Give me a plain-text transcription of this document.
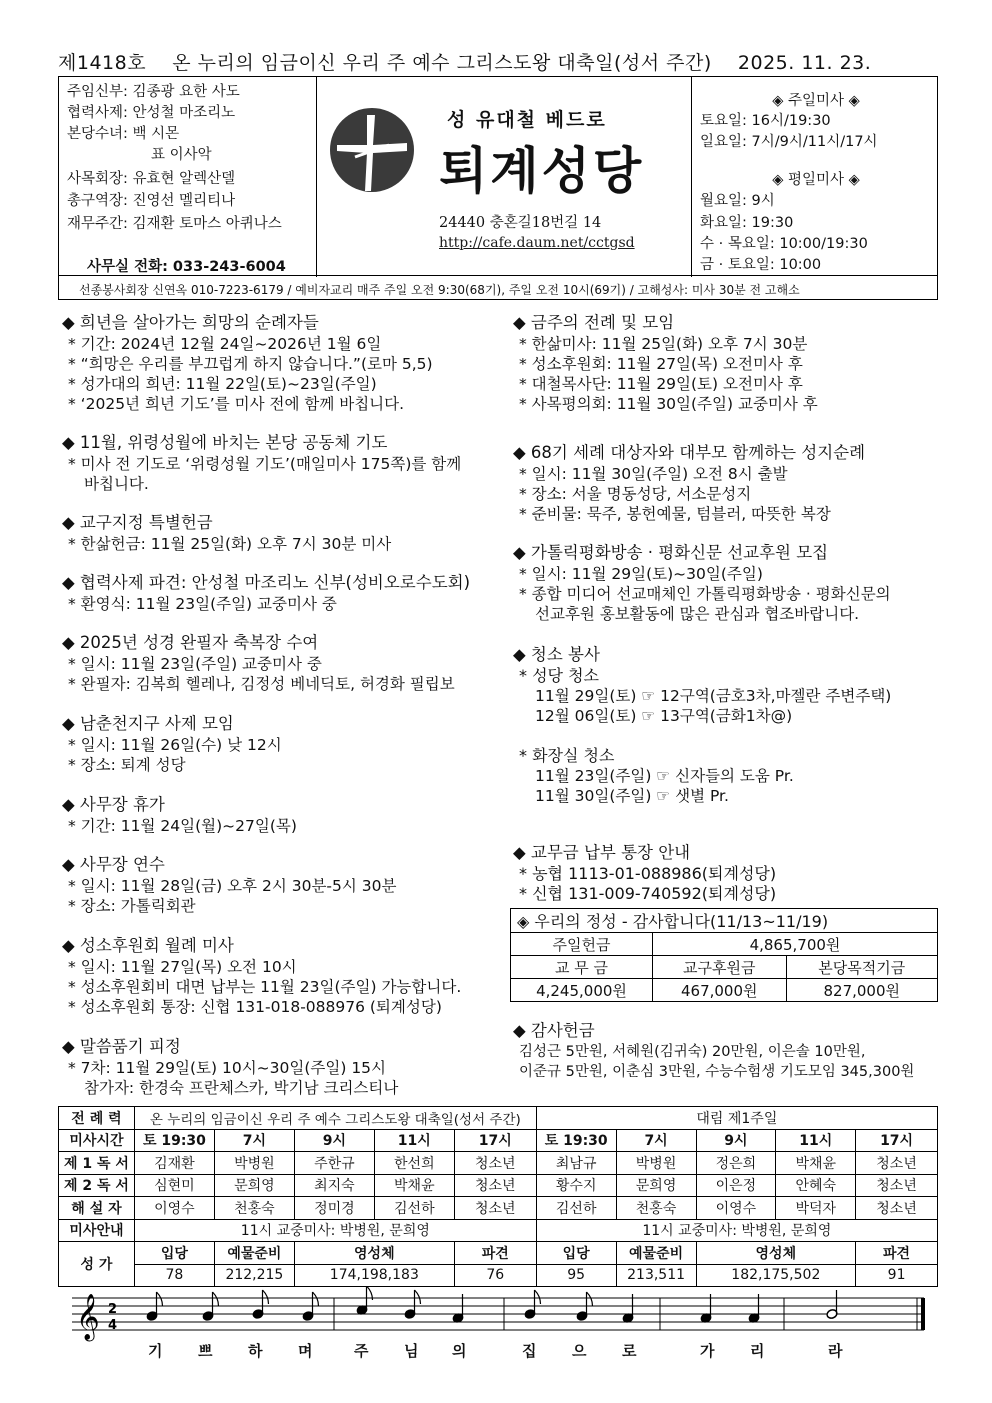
제1418호 온 누리의 임금이신 우리 주 예수 그리스도왕 대축일(성서 주간) 2025. 11. 23.
주임신부: 김종광 요한 사도
협력사제: 안성철 마조리노
본당수녀: 백 시몬
표 이사악
사목회장: 유효현 알렉산델
총구역장: 진영선 멜리티나
재무주간: 김재환 토마스 아퀴나스
사무실 전화: 033-243-6004
성 유대철 베드로
퇴계성당
24440 충혼길18번길 14
http://cafe.daum.net/cctgsd
◈ 주일미사 ◈
토요일: 16시/19:30
일요일: 7시/9시/11시/17시
◈ 평일미사 ◈
월요일: 9시
화요일: 19:30
수 · 목요일: 10:00/19:30
금 · 토요일: 10:00
선종봉사회장 신연옥 010-7223-6179 / 예비자교리 매주 주일 오전 9:30(68기), 주일 오전 10시(69기) / 고해성사: 미사 30분 전 고해소
◆ 희년을 살아가는 희망의 순례자들
* 기간: 2024년 12월 24일~2026년 1월 6일
* “희망은 우리를 부끄럽게 하지 않습니다.”(로마 5,5)
* 성가대의 희년: 11월 22일(토)~23일(주일)
* ‘2025년 희년 기도’를 미사 전에 함께 바칩니다.
◆ 11월, 위령성월에 바치는 본당 공동체 기도
* 미사 전 기도로 ‘위령성월 기도’(매일미사 175쪽)를 함께
바칩니다.
◆ 교구지정 특별헌금
* 한삶헌금: 11월 25일(화) 오후 7시 30분 미사
◆ 협력사제 파견: 안성철 마조리노 신부(성비오로수도회)
* 환영식: 11월 23일(주일) 교중미사 중
◆ 2025년 성경 완필자 축복장 수여
* 일시: 11월 23일(주일) 교중미사 중
* 완필자: 김복희 헬레나, 김정성 베네딕토, 허경화 필립보
◆ 남춘천지구 사제 모임
* 일시: 11월 26일(수) 낮 12시
* 장소: 퇴계 성당
◆ 사무장 휴가
* 기간: 11월 24일(월)~27일(목)
◆ 사무장 연수
* 일시: 11월 28일(금) 오후 2시 30분-5시 30분
* 장소: 가톨릭회관
◆ 성소후원회 월례 미사
* 일시: 11월 27일(목) 오전 10시
* 성소후원회비 대면 납부는 11월 23일(주일) 가능합니다.
* 성소후원회 통장: 신협 131-018-088976 (퇴계성당)
◆ 말씀품기 피정
* 7차: 11월 29일(토) 10시~30일(주일) 15시
참가자: 한경숙 프란체스카, 박기남 크리스티나
◆ 금주의 전례 및 모임
* 한삶미사: 11월 25일(화) 오후 7시 30분
* 성소후원회: 11월 27일(목) 오전미사 후
* 대철목사단: 11월 29일(토) 오전미사 후
* 사목평의회: 11월 30일(주일) 교중미사 후
◆ 68기 세례 대상자와 대부모 함께하는 성지순례
* 일시: 11월 30일(주일) 오전 8시 출발
* 장소: 서울 명동성당, 서소문성지
* 준비물: 묵주, 봉헌예물, 텀블러, 따뜻한 복장
◆ 가톨릭평화방송 · 평화신문 선교후원 모집
* 일시: 11월 29일(토)~30일(주일)
* 종합 미디어 선교매체인 가톨릭평화방송 · 평화신문의
선교후원 홍보활동에 많은 관심과 협조바랍니다.
◆ 청소 봉사
* 성당 청소
11월 29일(토) ☞ 12구역(금호3차,마젤란 주변주택)
12월 06일(토) ☞ 13구역(금화1차@)
* 화장실 청소
11월 23일(주일) ☞ 신자들의 도움 Pr.
11월 30일(주일) ☞ 샛별 Pr.
◆ 교무금 납부 통장 안내
* 농협 1113-01-088986(퇴계성당)
* 신협 131-009-740592(퇴계성당)
◈ 우리의 정성 - 감사합니다(11/13~11/19)		
주일헌금	4,865,700원	
교 무 금	교구후원금	본당목적기금
4,245,000원	467,000원	827,000원
◆ 감사헌금
김성근 5만원, 서혜원(김귀숙) 20만원, 이은솔 10만원,
이준규 5만원, 이춘심 3만원, 수능수험생 기도모임 345,300원
전 례 력	온 누리의 임금이신 우리 주 예수 그리스도왕 대축일(성서 주간)					대림 제1주일				
미사시간	토 19:30	7시	9시	11시	17시	토 19:30	7시	9시	11시	17시
제 1 독 서	김재환	박병원	주한규	한선희	청소년	최남규	박병원	정은희	박채윤	청소년
제 2 독 서	심현미	문희영	최지숙	박채윤	청소년	황수지	문희영	이은정	안혜숙	청소년
해 설 자	이영수	천홍숙	정미경	김선하	청소년	김선하	천홍숙	이영수	박덕자	청소년
미사안내	11시 교중미사: 박병원, 문희영					11시 교중미사: 박병원, 문희영				
성 가	입당	예물준비	영성체		파견	입당	예물준비	영성체		파견
	78	212,215	174,198,183		76	95	213,511	182,175,502		91
𝄞 2
4
기 쁘 하 며	주 님 의	집 으 로	가 리	라
